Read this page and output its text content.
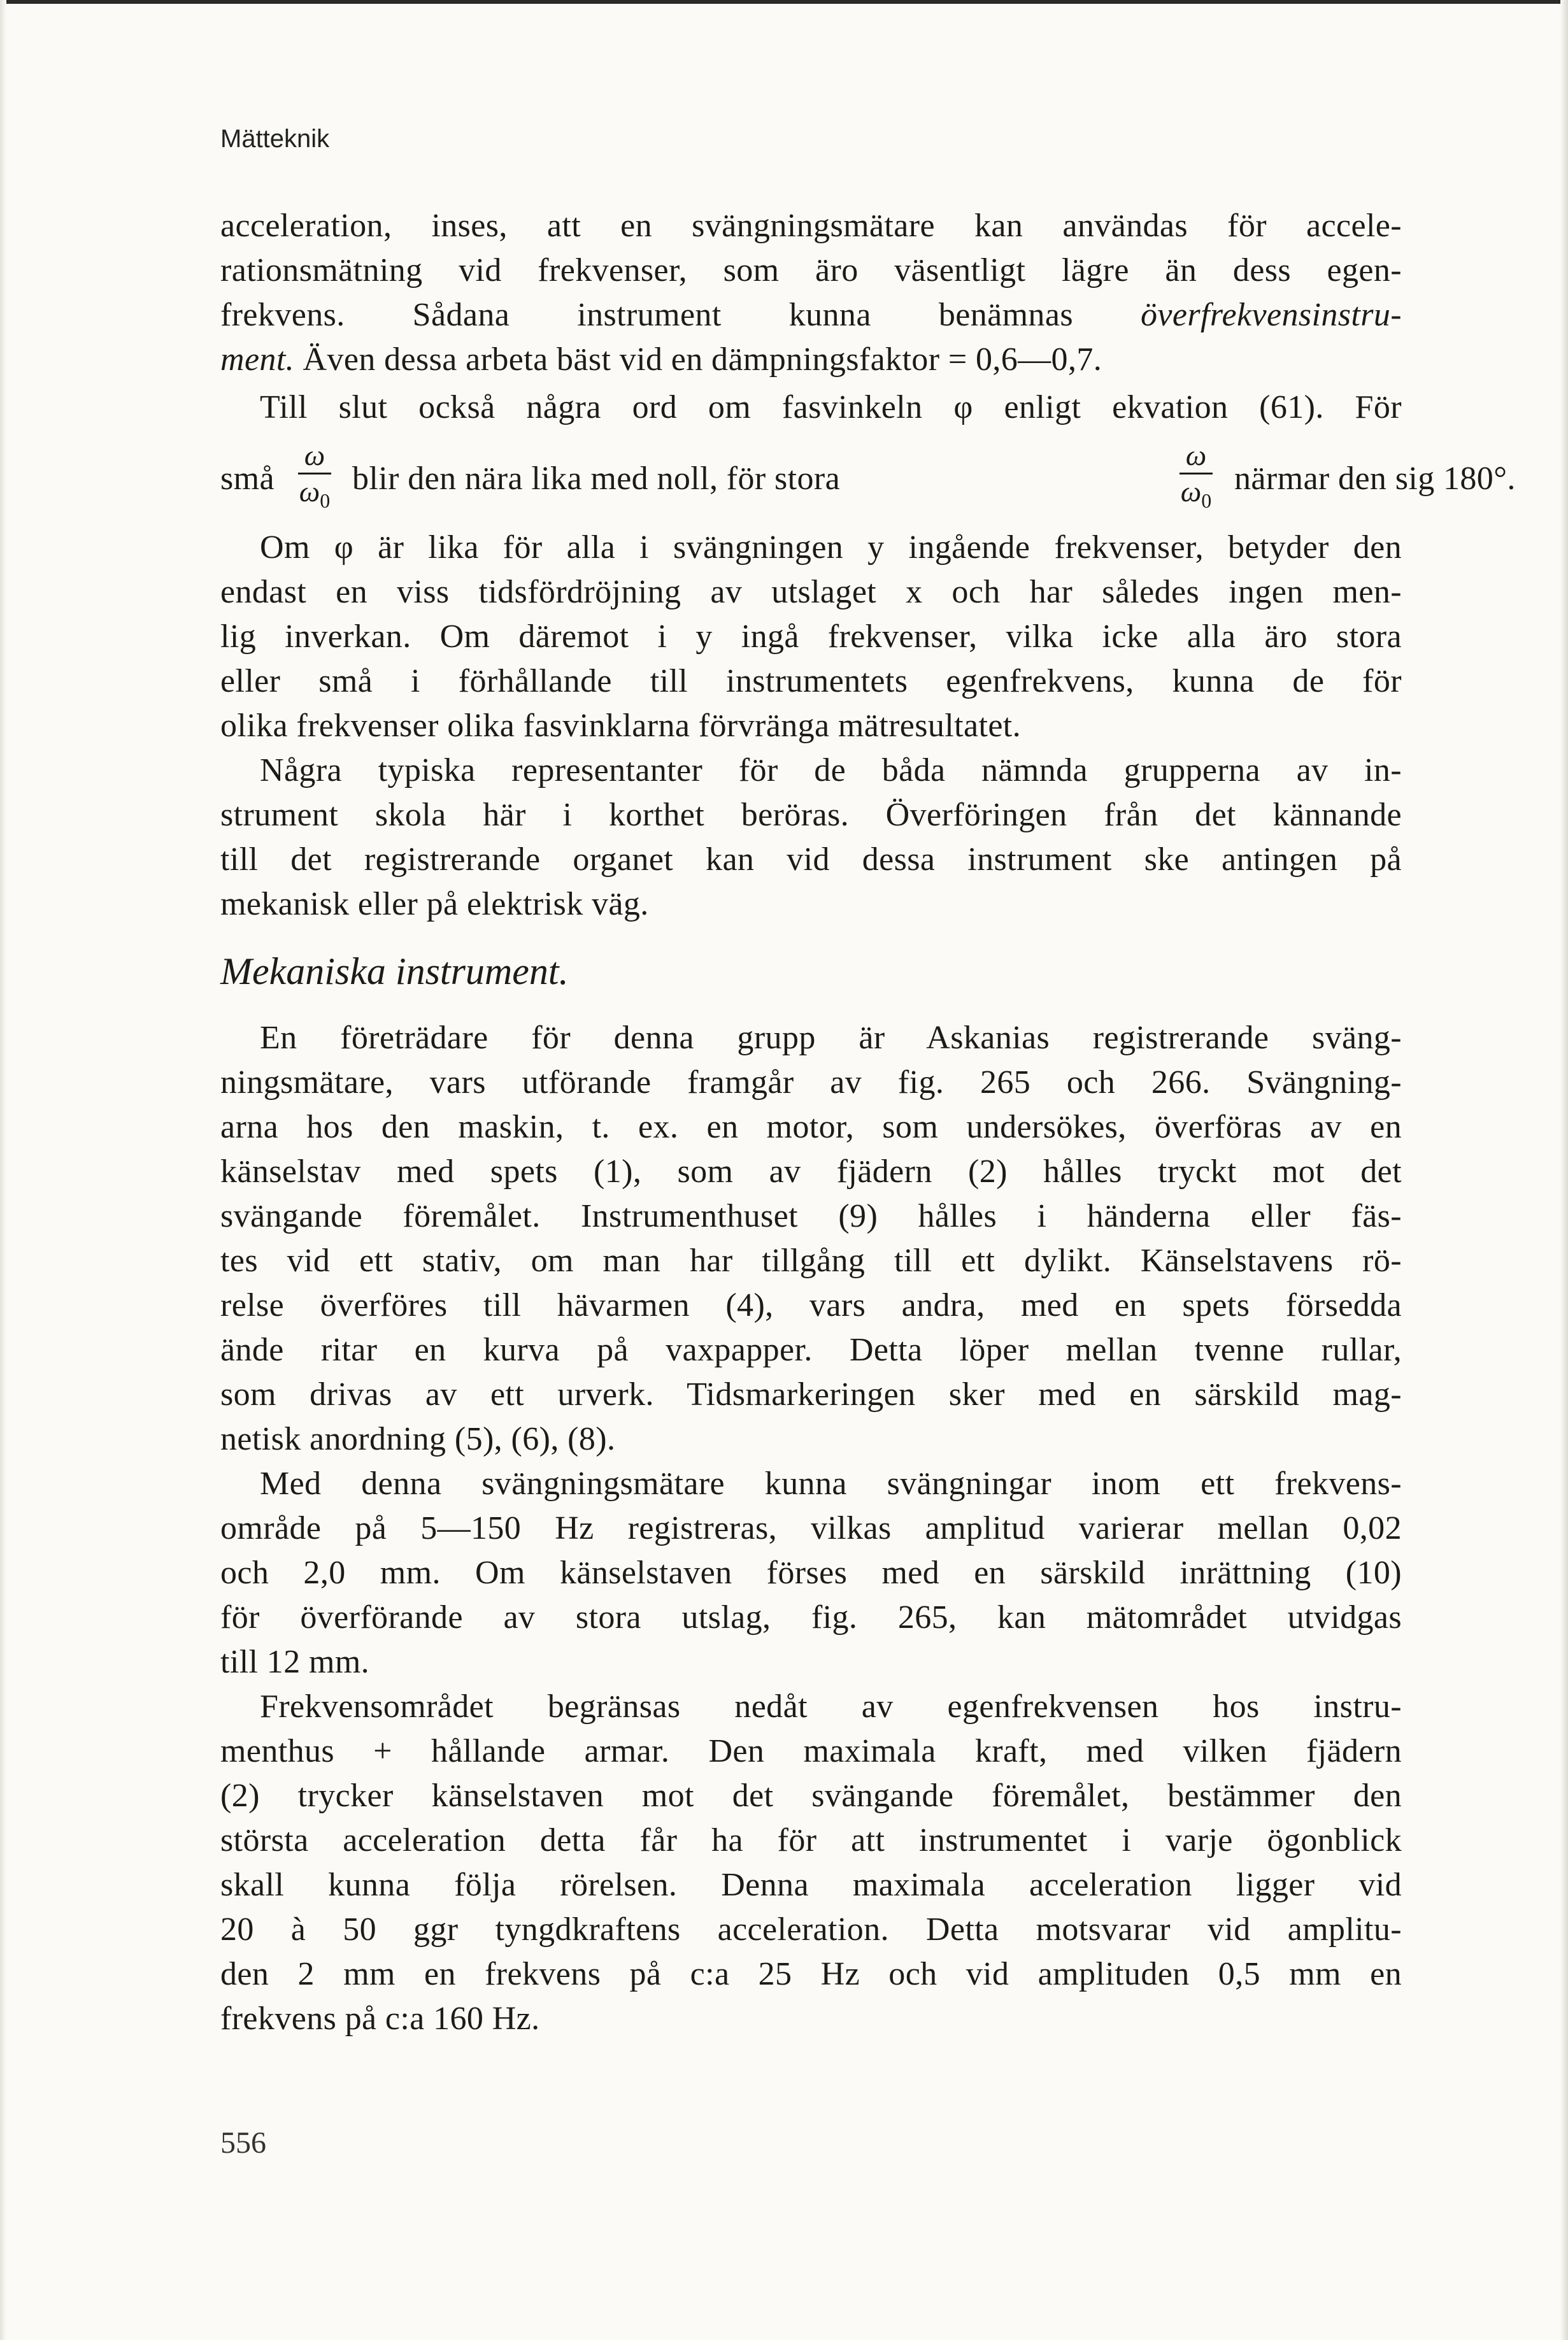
Mätteknik
acceleration, inses, att en svängningsmätare kan användas för accele-
rationsmätning vid frekvenser, som äro väsentligt lägre än dess egen-
frekvens. Sådana instrument kunna benämnas överfrekvensinstru-
ment. Även dessa arbeta bäst vid en dämpningsfaktor = 0,6—0,7.
Till slut också några ord om fasvinkeln φ enligt ekvation (61). För
små
ω
$\omega_0$
blir den nära lika med noll, för stora
ω
$\omega_0$
närmar den sig 180°.
Om φ är lika för alla i svängningen y ingående frekvenser, betyder den
endast en viss tidsfördröjning av utslaget x och har således ingen men-
lig inverkan. Om däremot i y ingå frekvenser, vilka icke alla äro stora
eller små i förhållande till instrumentets egenfrekvens, kunna de för
olika frekvenser olika fasvinklarna förvränga mätresultatet.
Några typiska representanter för de båda nämnda grupperna av in-
strument skola här i korthet beröras. Överföringen från det kännande
till det registrerande organet kan vid dessa instrument ske antingen på
mekanisk eller på elektrisk väg.
Mekaniska instrument.
En företrädare för denna grupp är Askanias registrerande sväng-
ningsmätare, vars utförande framgår av fig. 265 och 266. Svängning-
arna hos den maskin, t. ex. en motor, som undersökes, överföras av en
känselstav med spets (1), som av fjädern (2) hålles tryckt mot det
svängande föremålet. Instrumenthuset (9) hålles i händerna eller fäs-
tes vid ett stativ, om man har tillgång till ett dylikt. Känselstavens rö-
relse överföres till hävarmen (4), vars andra, med en spets försedda
ände ritar en kurva på vaxpapper. Detta löper mellan tvenne rullar,
som drivas av ett urverk. Tidsmarkeringen sker med en särskild mag-
netisk anordning (5), (6), (8).
Med denna svängningsmätare kunna svängningar inom ett frekvens-
område på 5—150 Hz registreras, vilkas amplitud varierar mellan 0,02
och 2,0 mm. Om känselstaven förses med en särskild inrättning (10)
för överförande av stora utslag, fig. 265, kan mätområdet utvidgas
till 12 mm.
Frekvensområdet begränsas nedåt av egenfrekvensen hos instru-
menthus + hållande armar. Den maximala kraft, med vilken fjädern
(2) trycker känselstaven mot det svängande föremålet, bestämmer den
största acceleration detta får ha för att instrumentet i varje ögonblick
skall kunna följa rörelsen. Denna maximala acceleration ligger vid
20 à 50 ggr tyngdkraftens acceleration. Detta motsvarar vid amplitu-
den 2 mm en frekvens på c:a 25 Hz och vid amplituden 0,5 mm en
frekvens på c:a 160 Hz.
556
